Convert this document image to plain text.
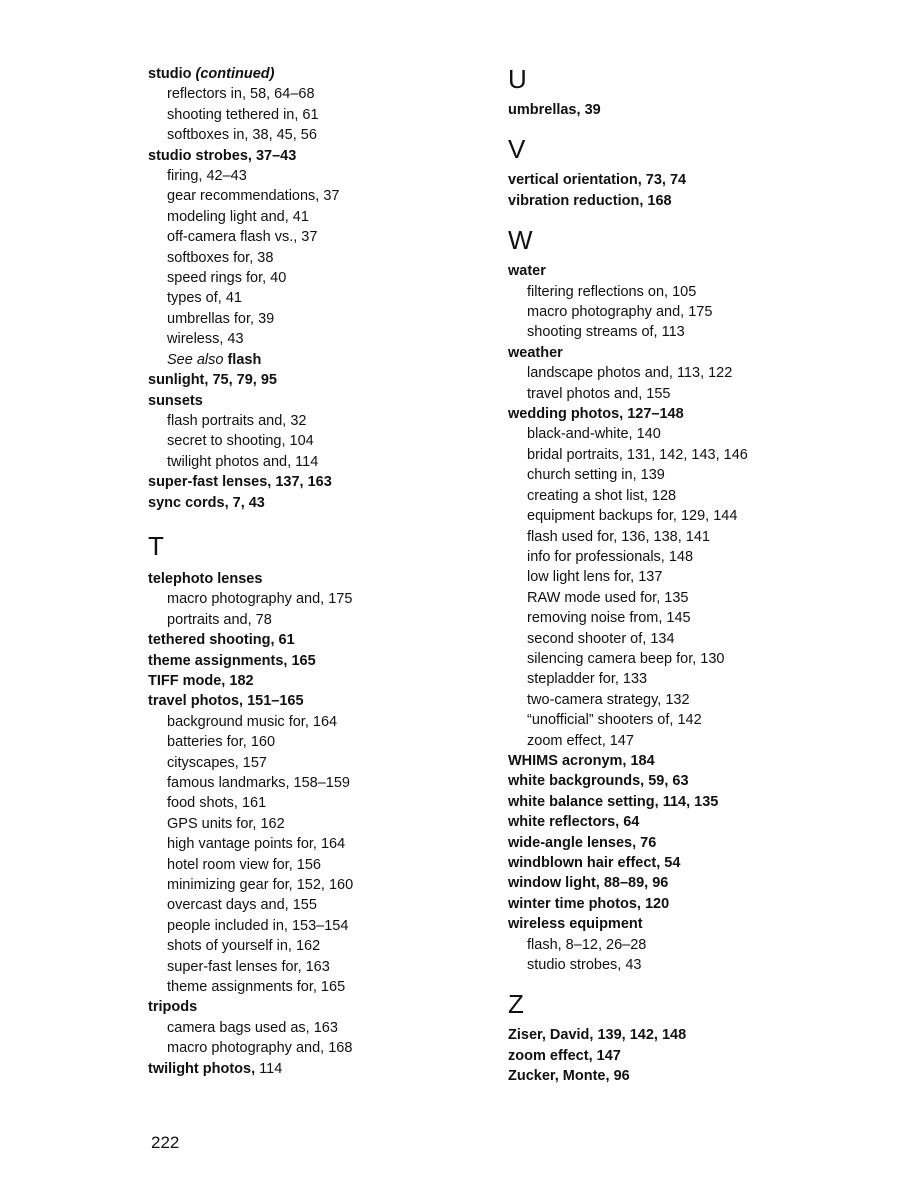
studio (continued)
reflectors in, 58, 64–68
shooting tethered in, 61
softboxes in, 38, 45, 56
studio strobes, 37–43
firing, 42–43
gear recommendations, 37
modeling light and, 41
off-camera flash vs., 37
softboxes for, 38
speed rings for, 40
types of, 41
umbrellas for, 39
wireless, 43
See also flash
sunlight, 75, 79, 95
sunsets
flash portraits and, 32
secret to shooting, 104
twilight photos and, 114
super-fast lenses, 137, 163
sync cords, 7, 43
T
telephoto lenses
macro photography and, 175
portraits and, 78
tethered shooting, 61
theme assignments, 165
TIFF mode, 182
travel photos, 151–165
background music for, 164
batteries for, 160
cityscapes, 157
famous landmarks, 158–159
food shots, 161
GPS units for, 162
high vantage points for, 164
hotel room view for, 156
minimizing gear for, 152, 160
overcast days and, 155
people included in, 153–154
shots of yourself in, 162
super-fast lenses for, 163
theme assignments for, 165
tripods
camera bags used as, 163
macro photography and, 168
twilight photos, 114
U
umbrellas, 39
V
vertical orientation, 73, 74
vibration reduction, 168
W
water
filtering reflections on, 105
macro photography and, 175
shooting streams of, 113
weather
landscape photos and, 113, 122
travel photos and, 155
wedding photos, 127–148
black-and-white, 140
bridal portraits, 131, 142, 143, 146
church setting in, 139
creating a shot list, 128
equipment backups for, 129, 144
flash used for, 136, 138, 141
info for professionals, 148
low light lens for, 137
RAW mode used for, 135
removing noise from, 145
second shooter of, 134
silencing camera beep for, 130
stepladder for, 133
two-camera strategy, 132
“unofficial” shooters of, 142
zoom effect, 147
WHIMS acronym, 184
white backgrounds, 59, 63
white balance setting, 114, 135
white reflectors, 64
wide-angle lenses, 76
windblown hair effect, 54
window light, 88–89, 96
winter time photos, 120
wireless equipment
flash, 8–12, 26–28
studio strobes, 43
Z
Ziser, David, 139, 142, 148
zoom effect, 147
Zucker, Monte, 96
222
